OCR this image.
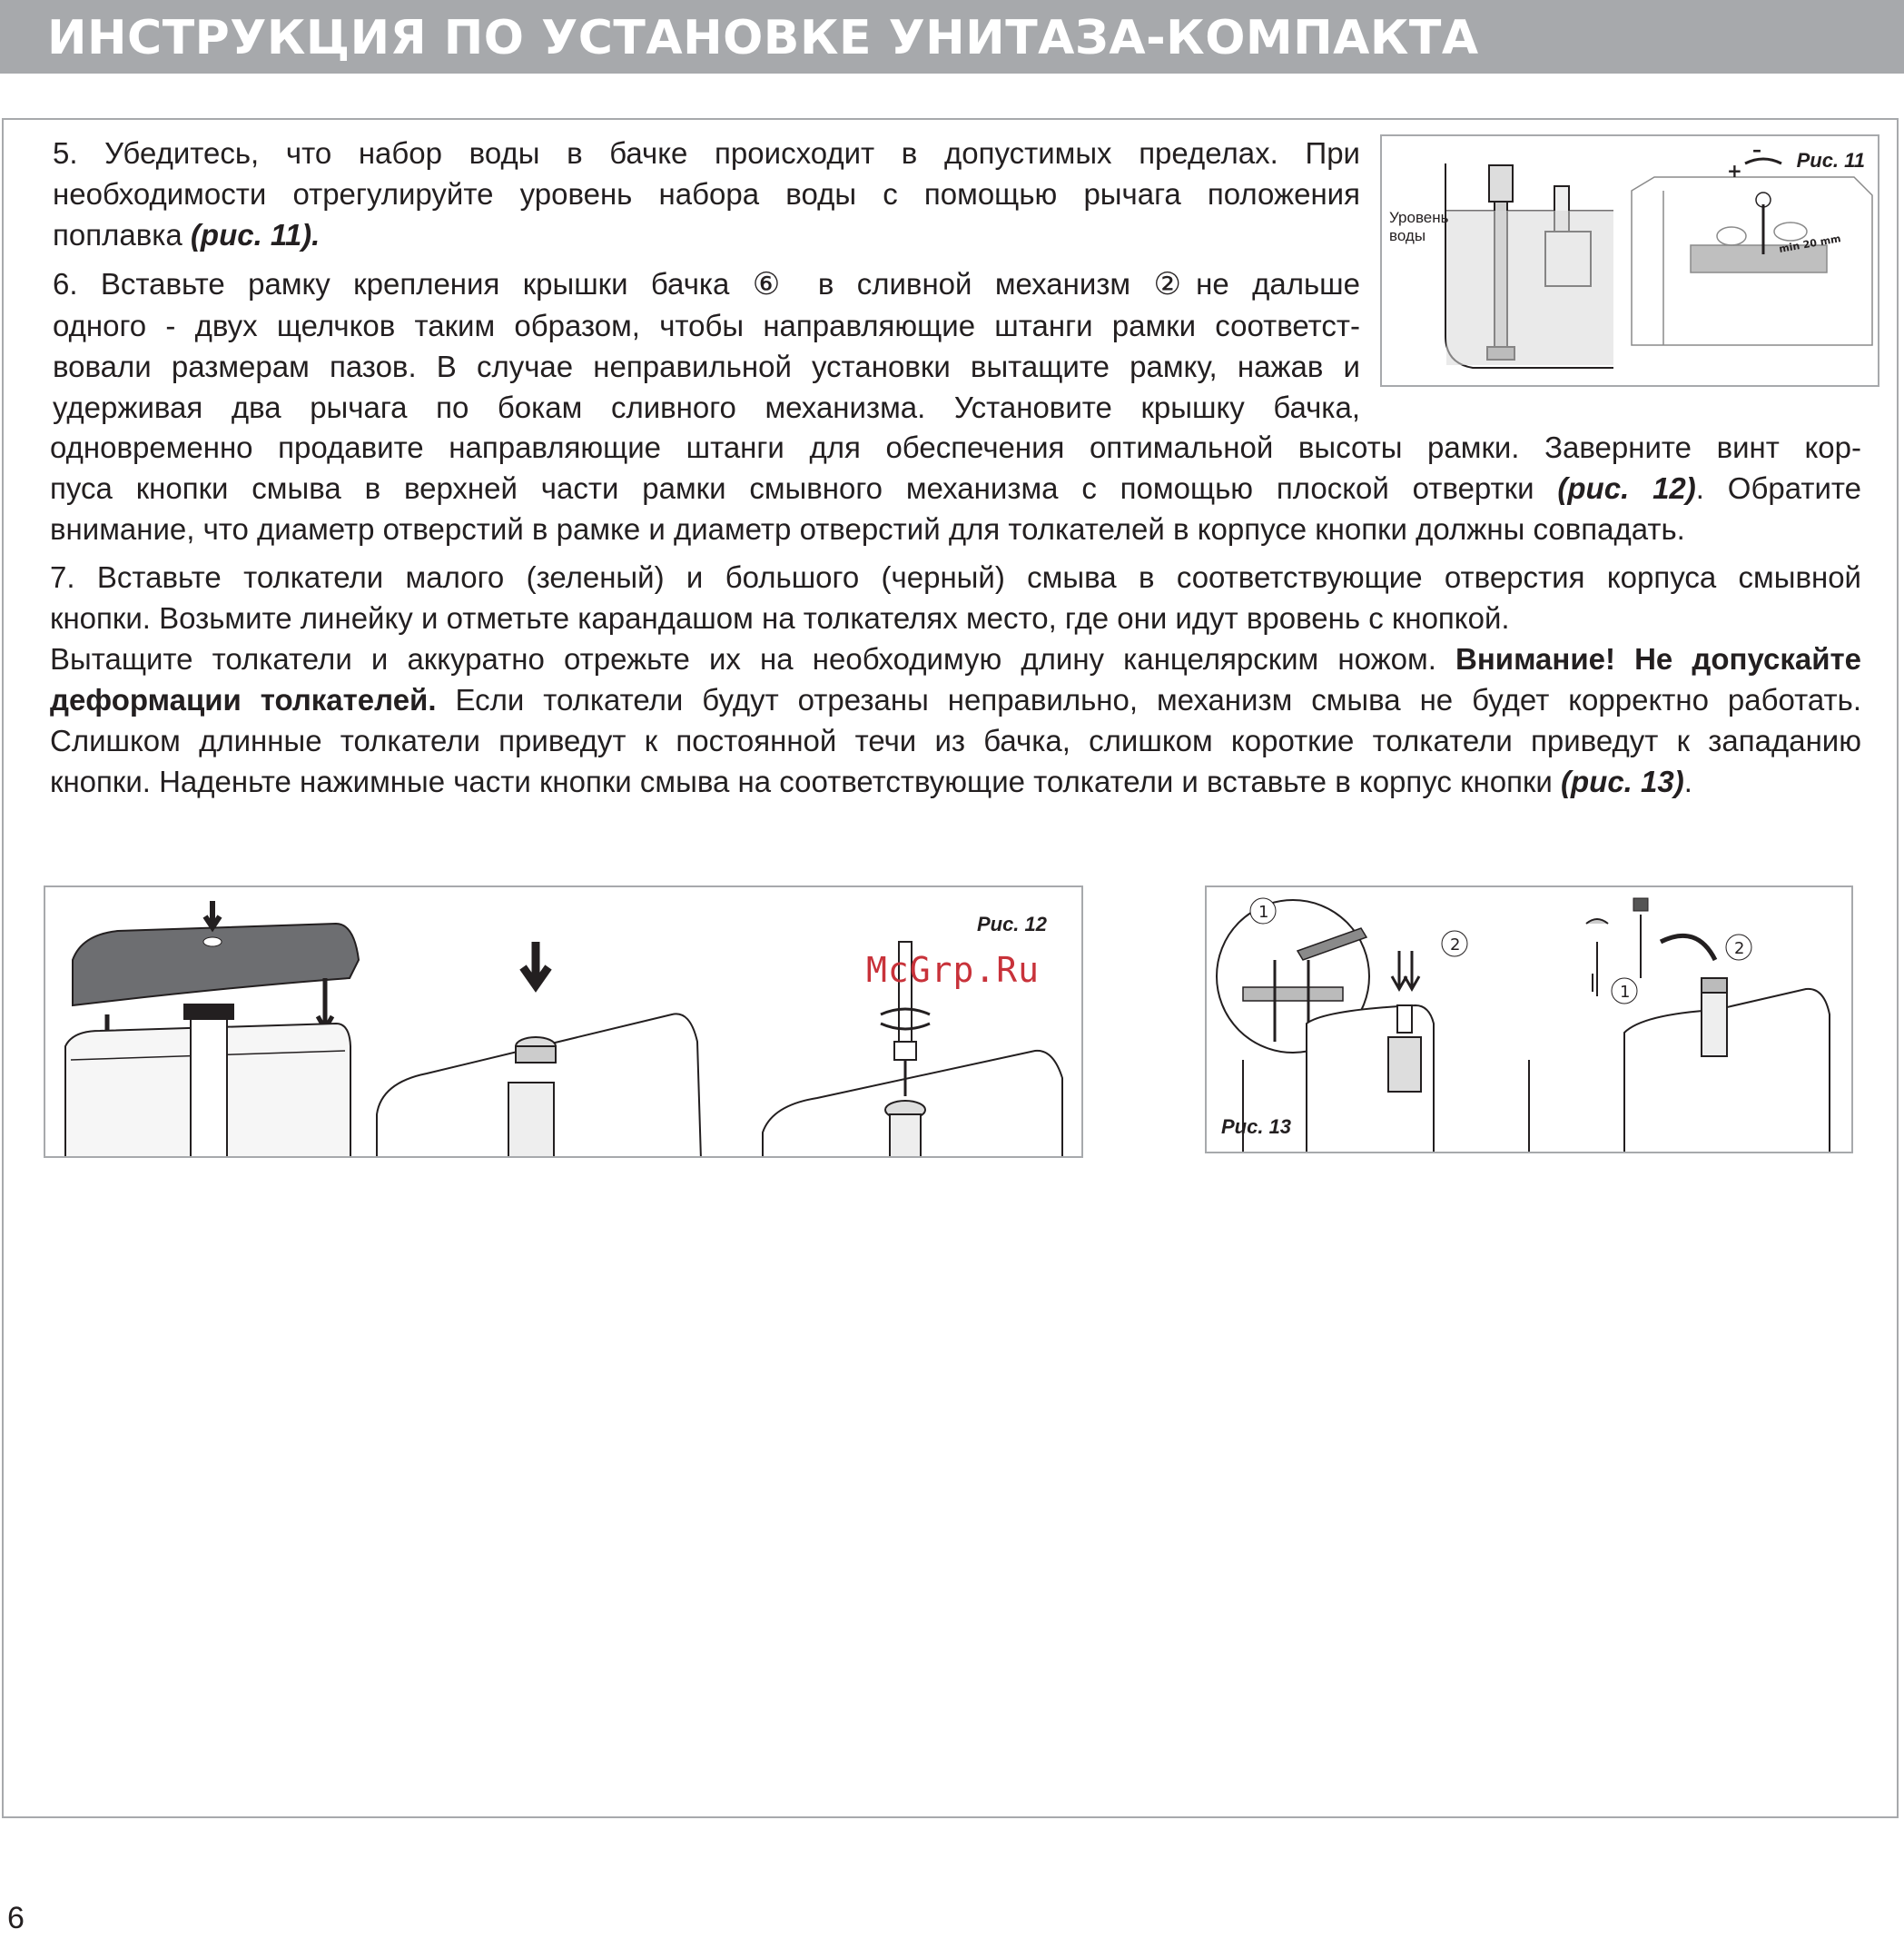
ИНСТРУКЦИЯ ПО УСТАНОВКЕ УНИТАЗА-КОМПАКТА
5. Убедитесь, что набор воды в бачке происходит в допустимых пределах. При
необходимости отрегулируйте уровень набора воды с помощью рычага положения
поплавка (рис. 11).
6. Вставьте рамку крепления крышки бачка ⑥ в сливной механизм ②не дальше
одного - двух щелчков таким образом, чтобы направляющие штанги рамки соответст-
вовали размерам пазов. В случае неправильной установки вытащите рамку, нажав и
удерживая два рычага по бокам сливного механизма. Установите крышку бачка,
одновременно продавите направляющие штанги для обеспечения оптимальной высоты рамки. Заверните винт кор-
пуса кнопки смыва в верхней части рамки смывного механизма с помощью плоской отвертки (рис. 12). Обратите
внимание, что диаметр отверстий в рамке и диаметр отверстий для толкателей в корпусе кнопки должны совпадать.
7. Вставьте толкатели малого (зеленый) и большого (черный) смыва в соответствующие отверстия корпуса смывной
кнопки. Возьмите линейку и отметьте карандашом на толкателях место, где они идут вровень с кнопкой.
Вытащите толкатели и аккуратно отрежьте их на необходимую длину канцелярским ножом. Внимание! Не допускайте
деформации толкателей. Если толкатели будут отрезаны неправильно, механизм смыва не будет корректно работать.
Слишком длинные толкатели приведут к постоянной течи из бачка, слишком короткие толкатели приведут к западанию
кнопки. Наденьте нажимные части кнопки смыва на соответствующие толкатели и вставьте в корпус кнопки (рис. 13).
+
–
min 20 mm
Уровень
воды
Рис. 11
Рис. 12
McGrp.Ru
1
2
1
2
Рис. 13
6
